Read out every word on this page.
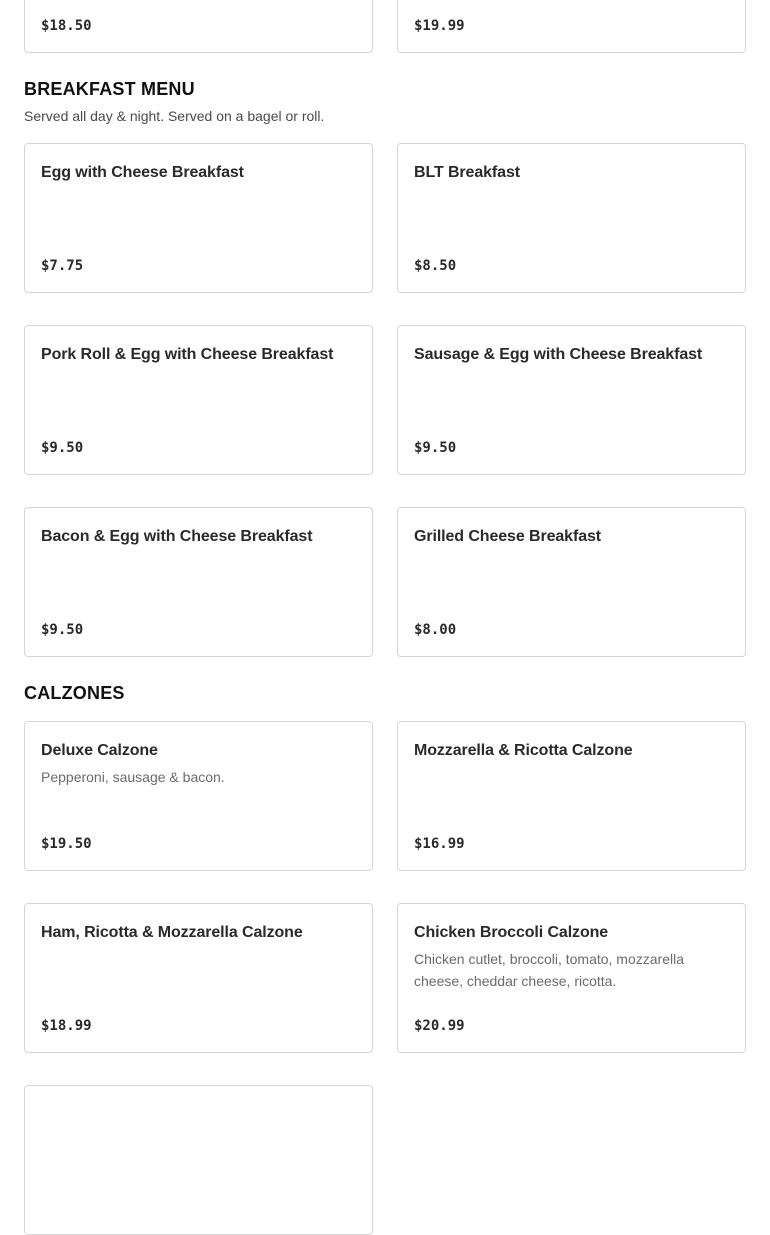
$18.50	$19.99
BREAKFAST MENU

Served all day & night. Served on a bagel or roll.

Egg with Cheese Breakfast
$7.75
BLT Breakfast
$8.50
Pork Roll & Egg with Cheese Breakfast
$9.50
Sausage & Egg with Cheese Breakfast
$9.50
Bacon & Egg with Cheese Breakfast
$9.50
Grilled Cheese Breakfast
$8.00
CALZONES
Deluxe Calzone
Pepperoni, sausage & bacon.
$19.50
Mozzarella & Ricotta Calzone
$16.99
Ham, Ricotta & Mozzarella Calzone
$18.99
Chicken Broccoli Calzone
Chicken cutlet, broccoli, tomato, mozzarella cheese, cheddar cheese, ricotta.
$20.99
